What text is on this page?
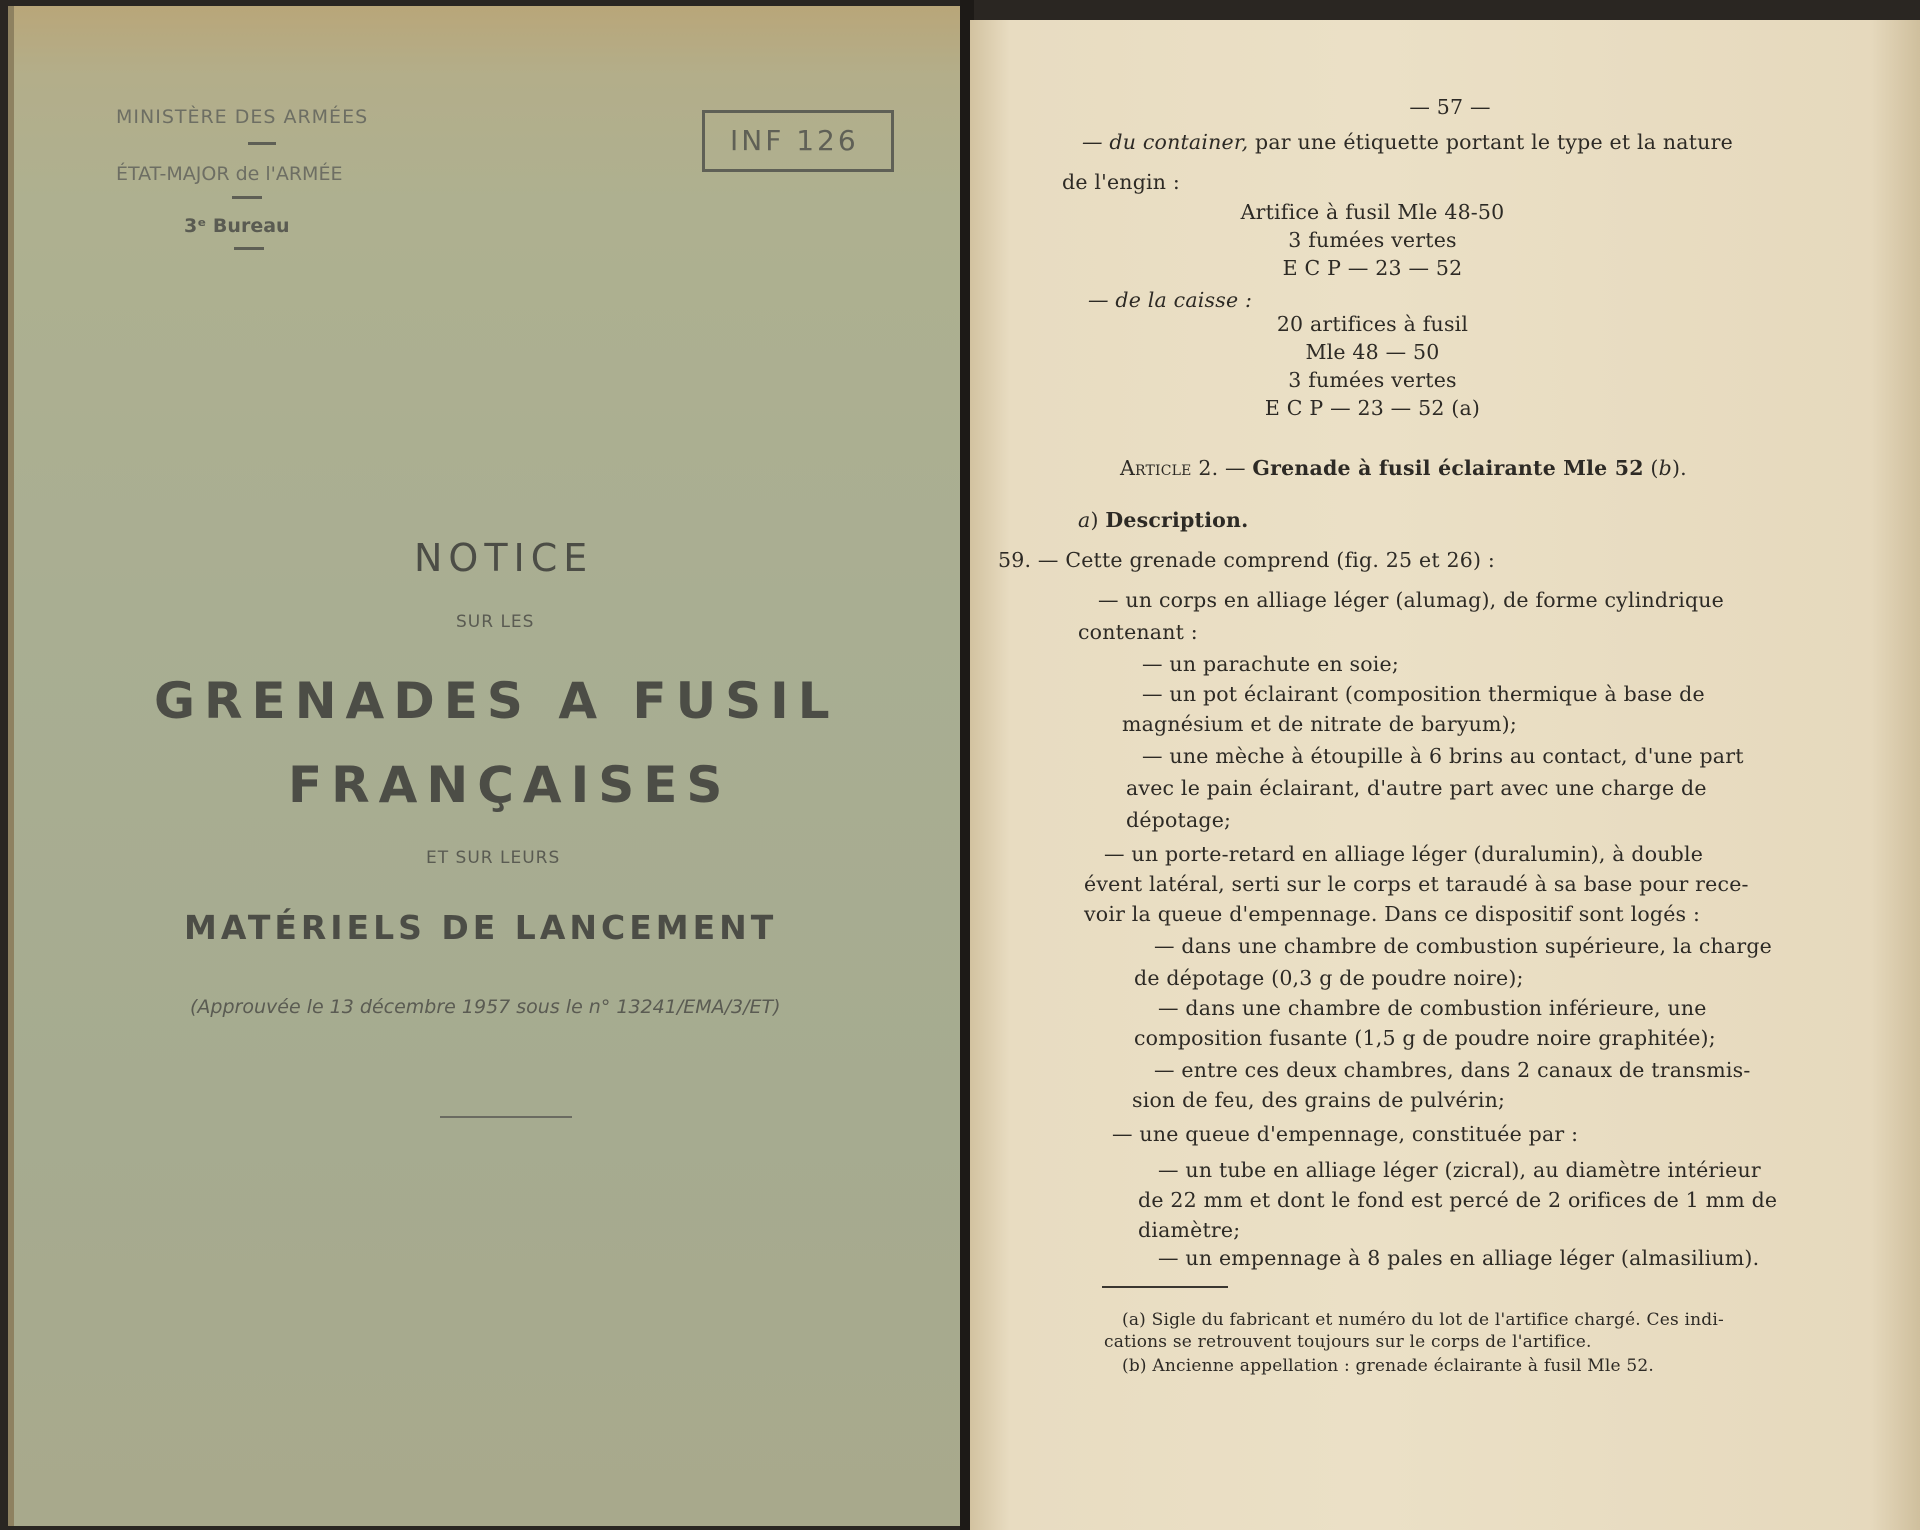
MINISTÈRE DES ARMÉES
ÉTAT-MAJOR de l'ARMÉE
3ᵉ Bureau
INF 126
NOTICE
SUR LES
GRENADES A FUSIL
FRANÇAISES
ET SUR LEURS
MATÉRIELS DE LANCEMENT
(Approuvée le 13 décembre 1957 sous le n° 13241/EMA/3/ET)
— 57 —
— du container, par une étiquette portant le type et la nature
de l'engin :
Artifice à fusil Mle 48-50
3 fumées vertes
E C P — 23 — 52
— de la caisse :
20 artifices à fusil
Mle 48 — 50
3 fumées vertes
E C P — 23 — 52 (a)
Article 2. — Grenade à fusil éclairante Mle 52 (b).
a) Description.
59. — Cette grenade comprend (fig. 25 et 26) :
— un corps en alliage léger (alumag), de forme cylindrique
contenant :
— un parachute en soie;
— un pot éclairant (composition thermique à base de
magnésium et de nitrate de baryum);
— une mèche à étoupille à 6 brins au contact, d'une part
avec le pain éclairant, d'autre part avec une charge de
dépotage;
— un porte-retard en alliage léger (duralumin), à double
évent latéral, serti sur le corps et taraudé à sa base pour rece-
voir la queue d'empennage. Dans ce dispositif sont logés :
— dans une chambre de combustion supérieure, la charge
de dépotage (0,3 g de poudre noire);
— dans une chambre de combustion inférieure, une
composition fusante (1,5 g de poudre noire graphitée);
— entre ces deux chambres, dans 2 canaux de transmis-
sion de feu, des grains de pulvérin;
— une queue d'empennage, constituée par :
— un tube en alliage léger (zicral), au diamètre intérieur
de 22 mm et dont le fond est percé de 2 orifices de 1 mm de
diamètre;
— un empennage à 8 pales en alliage léger (almasilium).
(a) Sigle du fabricant et numéro du lot de l'artifice chargé. Ces indi-
cations se retrouvent toujours sur le corps de l'artifice.
(b) Ancienne appellation : grenade éclairante à fusil Mle 52.
